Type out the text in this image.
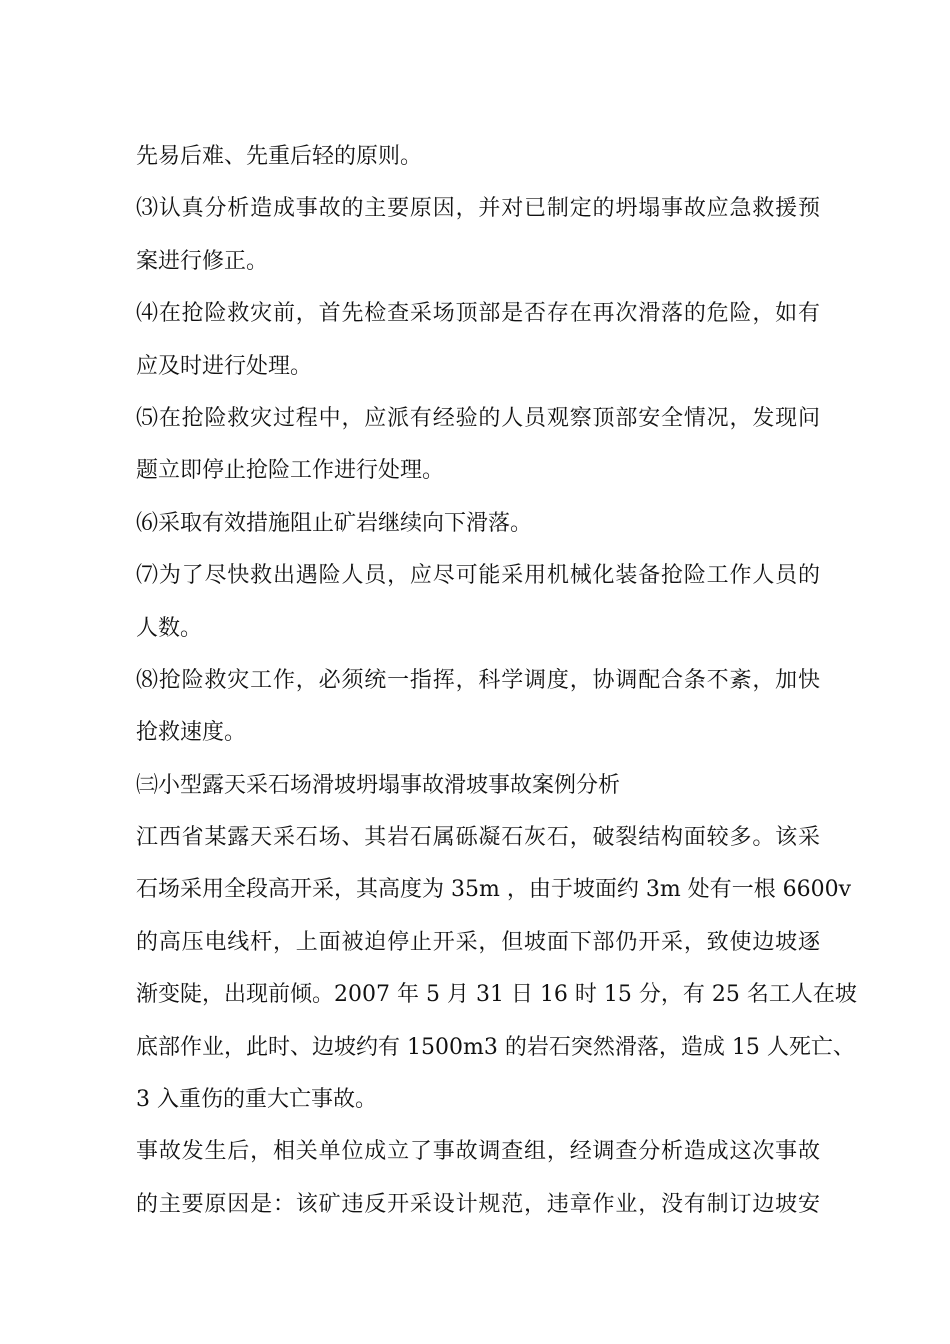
先易后难、先重后轻的原则。
⑶认真分析造成事故的主要原因，并对已制定的坍塌事故应急救援预
案进行修正。
⑷在抢险救灾前，首先检查采场顶部是否存在再次滑落的危险，如有
应及时进行处理。
⑸在抢险救灾过程中，应派有经验的人员观察顶部安全情况，发现问
题立即停止抢险工作进行处理。
⑹采取有效措施阻止矿岩继续向下滑落。
⑺为了尽快救出遇险人员，应尽可能采用机械化装备抢险工作人员的
人数。
⑻抢险救灾工作，必须统一指挥，科学调度，协调配合条不紊，加快
抢救速度。
㈢小型露天采石场滑坡坍塌事故滑坡事故案例分析
江西省某露天采石场、其岩石属砾凝石灰石，破裂结构面较多。该采
石场采用全段高开采，其高度为 35m ，由于坡面约 3m 处有一根 6600v
的高压电线杆，上面被迫停止开采，但坡面下部仍开采，致使边坡逐
渐变陡，出现前倾。2007 年 5 月 31 日 16 时 15 分，有 25 名工人在坡
底部作业，此时、边坡约有 1500m3 的岩石突然滑落，造成 15 人死亡、
3 入重伤的重大亡事故。
事故发生后，相关单位成立了事故调查组，经调查分析造成这次事故
的主要原因是：该矿违反开采设计规范，违章作业，没有制订边坡安
